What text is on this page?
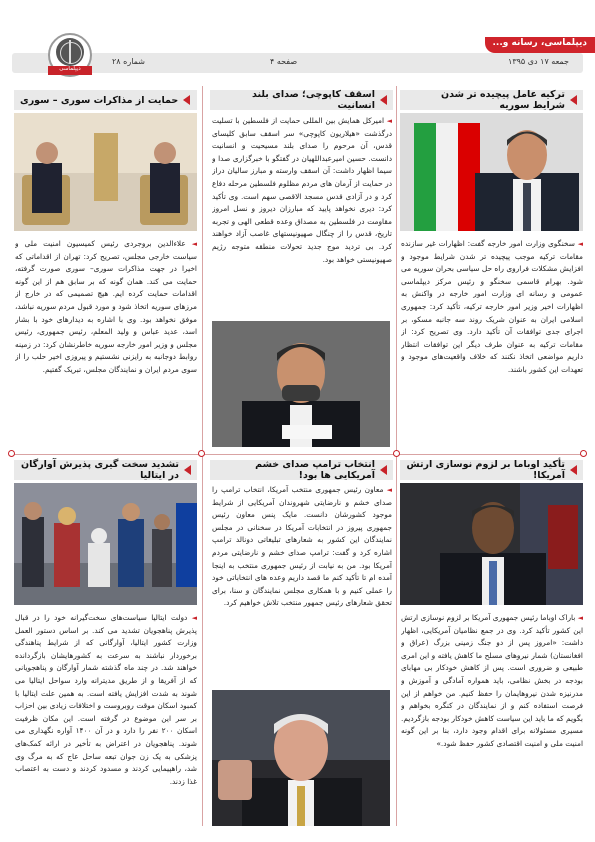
دیپلماسی، رسانه و...
جمعه ۱۷ دی ۱۳۹۵
صفحه ۴
شماره ۲۸
دیپلماسی
ترکیه عامل پیچیده تر شدن شرایط سوریه
◄ سخنگوی وزارت امور خارجه گفت: اظهارات غیر سازنده مقامات ترکیه موجب پیچیده تر شدن شرایط موجود و افزایش مشکلات فراروی راه حل سیاسی بحران سوریه می شود. بهرام قاسمی سخنگو و رئیس مرکز دیپلماسی عمومی و رسانه ای وزارت امور خارجه در واکنش به اظهارات اخیر وزیر امور خارجه ترکیه، تأکید کرد: جمهوری اسلامی ایران به عنوان شریک روند سه جانبه مسکو، بر اجرای جدی توافقات آن تأکید دارد. وی تصریح کرد: از مقامات ترکیه به عنوان طرف دیگر این توافقات انتظار داریم مواضعی اتخاذ نکنند که خلاف واقعیت‌های موجود و تعهدات این کشور باشند.
اسقف کاپوچی؛ صدای بلند انسانیت
◄ امیرکل همایش بین المللی حمایت از فلسطین با تسلیت درگذشت «هیلاریون کاپوچی» سر اسقف سابق کلیسای قدس، آن مرحوم را صدای بلند مسیحیت و انسانیت دانست. حسین امیرعبداللهیان در گفتگو با خبرگزاری صدا و سیما اظهار داشت: آن اسقف وارسته و مبارز سالیان دراز در حمایت از آرمان های مردم مظلوم فلسطین مرحله دفاع کرد و در آزادی قدس مسجد الاقصی سهم است. وی تأکید کرد: دیری نخواهد پایید که مبارزان دیروز و نسل امروز مقاومت در فلسطین به مصداق وعده قطعی الهی و تجربه تاریخ، قدس را از چنگال صهیونیستهای غاصب آزاد خواهند کرد. بی تردید موج جدید تحولات منطقه متوجه رژیم صهیونیستی خواهد بود.
حمایت از مذاکرات سوری – سوری
◄ علاءالدین بروجردی رئیس کمیسیون امنیت ملی و سیاست خارجی مجلس، تصریح کرد: تهران از اقداماتی که اخیرا در جهت مذاکرات سوری– سوری صورت گرفته، حمایت می کند. همان گونه که بر سابق هم از این گونه اقدامات حمایت کرده ایم. هیچ تصمیمی که در خارج از مرزهای سوریه اتخاذ شود و مورد قبول مردم سوریه نباشد، موفق نخواهد بود. وی با اشاره به دیدارهای خود با بشار اسد، عدید عباس و ولید المعلم، رئیس جمهوری، رئیس مجلس و وزیر امور خارجه سوریه خاطرنشان کرد: در زمینه روابط دوجانبه به رایزنی نشستیم و پیروزی اخیر حلب را از سوی مردم ایران و نمایندگان مجلس، تبریک گفتیم.
تأکید اوباما بر لزوم نوسازی ارتش آمریکا!
◄ باراک اوباما رئیس جمهوری آمریکا بر لزوم نوسازی ارتش این کشور تأکید کرد. وی در جمع نظامیان آمریکایی، اظهار داشت: «امروز پس از دو جنگ زمینی بزرگ (عراق و افغانستان) شمار نیروهای مسلح ما کاهش یافته و این امری طبیعی و ضروری است. پس از کاهش خودکار بی مهابای بودجه در بخش نظامی، باید همواره آمادگی و آموزش و مدرنیزه شدن نیروهایمان را حفظ کنیم. من خواهم از این فرصت استفاده کنم و از نمایندگان در کنگره بخواهم و بگویم که ما باید این سیاست کاهش خودکار بودجه بازگردیم. مسیری مسئولانه برای اقدام وجود دارد، بنا بر این گونه امنیت ملی و امنیت اقتصادی کشور حفظ شود.»
انتخاب ترامپ صدای خشم آمریکایی ها بود!
◄ معاون رئیس جمهوری منتخب آمریکا، انتخاب ترامپ را صدای خشم و نارضایتی شهروندان آمریکایی از شرایط موجود کشورشان دانست. مایک پنس معاون رئیس جمهوری پیروز در انتخابات آمریکا در سخنانی در مجلس نمایندگان این کشور به شعارهای تبلیغاتی دونالد ترامپ اشاره کرد و گفت: ترامپ صدای خشم و نارضایتی مردم آمریکا بود. من به نیابت از رئیس جمهوری منتخب به اینجا آمده ام تا تأکید کنم ما قصد داریم وعده های انتخاباتی خود را عملی کنیم و با همکاری مجلس نمایندگان و سنا، برای تحقق شعارهای رئیس جمهور منتخب تلاش خواهیم کرد.
تشدید سخت گیری پذیرش آوارگان در ایتالیا
◄ دولت ایتالیا سیاست‌های سخت‌گیرانه خود را در قبال پذیرش پناهجویان تشدید می کند. بر اساس دستور العمل وزارت کشور ایتالیا، آوارگانی که از شرایط پناهندگی برخوردار نباشند به سرعت به کشورهایشان بازگردانده خواهند شد. در چند ماه گذشته شمار آوارگان و پناهجویانی که از آفریقا و از طریق مدیترانه وارد سواحل ایتالیا می شوند به شدت افزایش یافته است. به همین علت ایتالیا با کمبود اسکان موقت روبروست و اختلافات زیادی بین احزاب بر سر این موضوع در گرفته است. این مکان ظرفیت اسکان ۲۰۰ نفر را دارد و در آن ۱۴۰۰ آواره نگهداری می شوند. پناهجویان در اعتراض به تأخیر در ارائه کمک‌های پزشکی به یک زن جوان تبعه ساحل عاج که به مرگ وی شد، راهپیمایی کردند و مسدود کردند و دست به اعتصاب غذا زدند.
